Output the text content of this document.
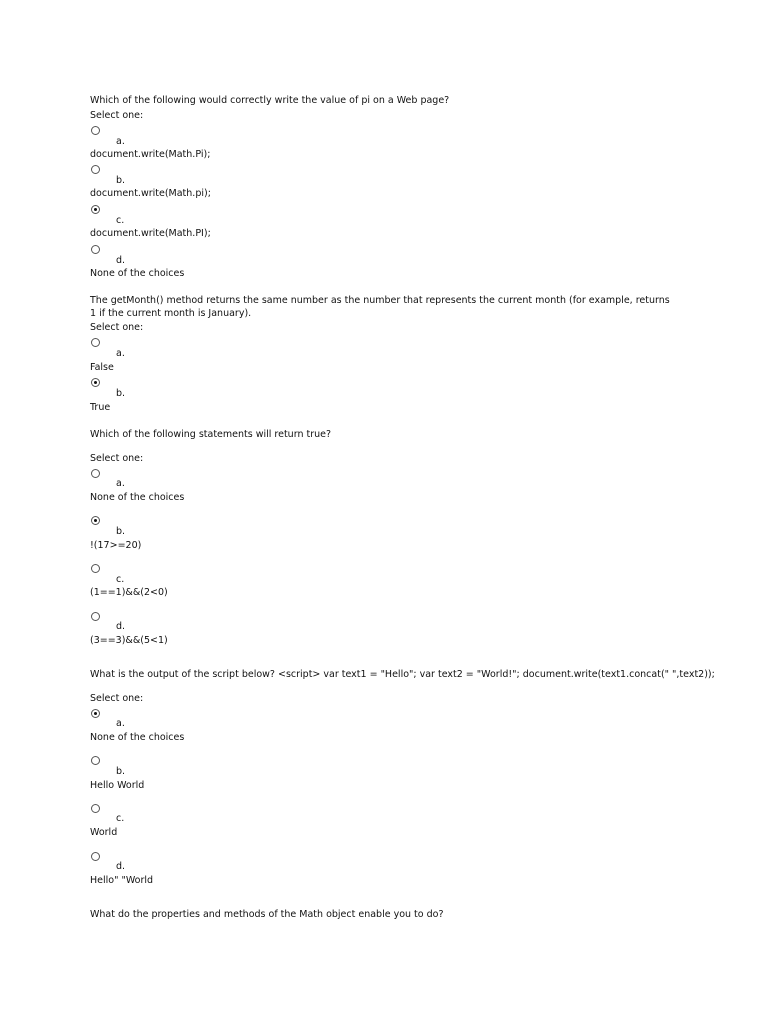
Which of the following would correctly write the value of pi on a Web page?
Select one:
a.
document.write(Math.Pi);
b.
document.write(Math.pi);
c.
document.write(Math.PI);
d.
None of the choices
The getMonth() method returns the same number as the number that represents the current month (for example, returns 1 if the current month is January).
Select one:
a.
False
b.
True
Which of the following statements will return true?
Select one:
a.
None of the choices
b.
!(17>=20)
c.
(1==1)&&(2<0)
d.
(3==3)&&(5<1)
What is the output of the script below? <script> var text1 = "Hello"; var text2 = "World!"; document.write(text1.concat(" ",text2));
Select one:
a.
None of the choices
b.
Hello World
c.
World
d.
Hello" "World
What do the properties and methods of the Math object enable you to do?
